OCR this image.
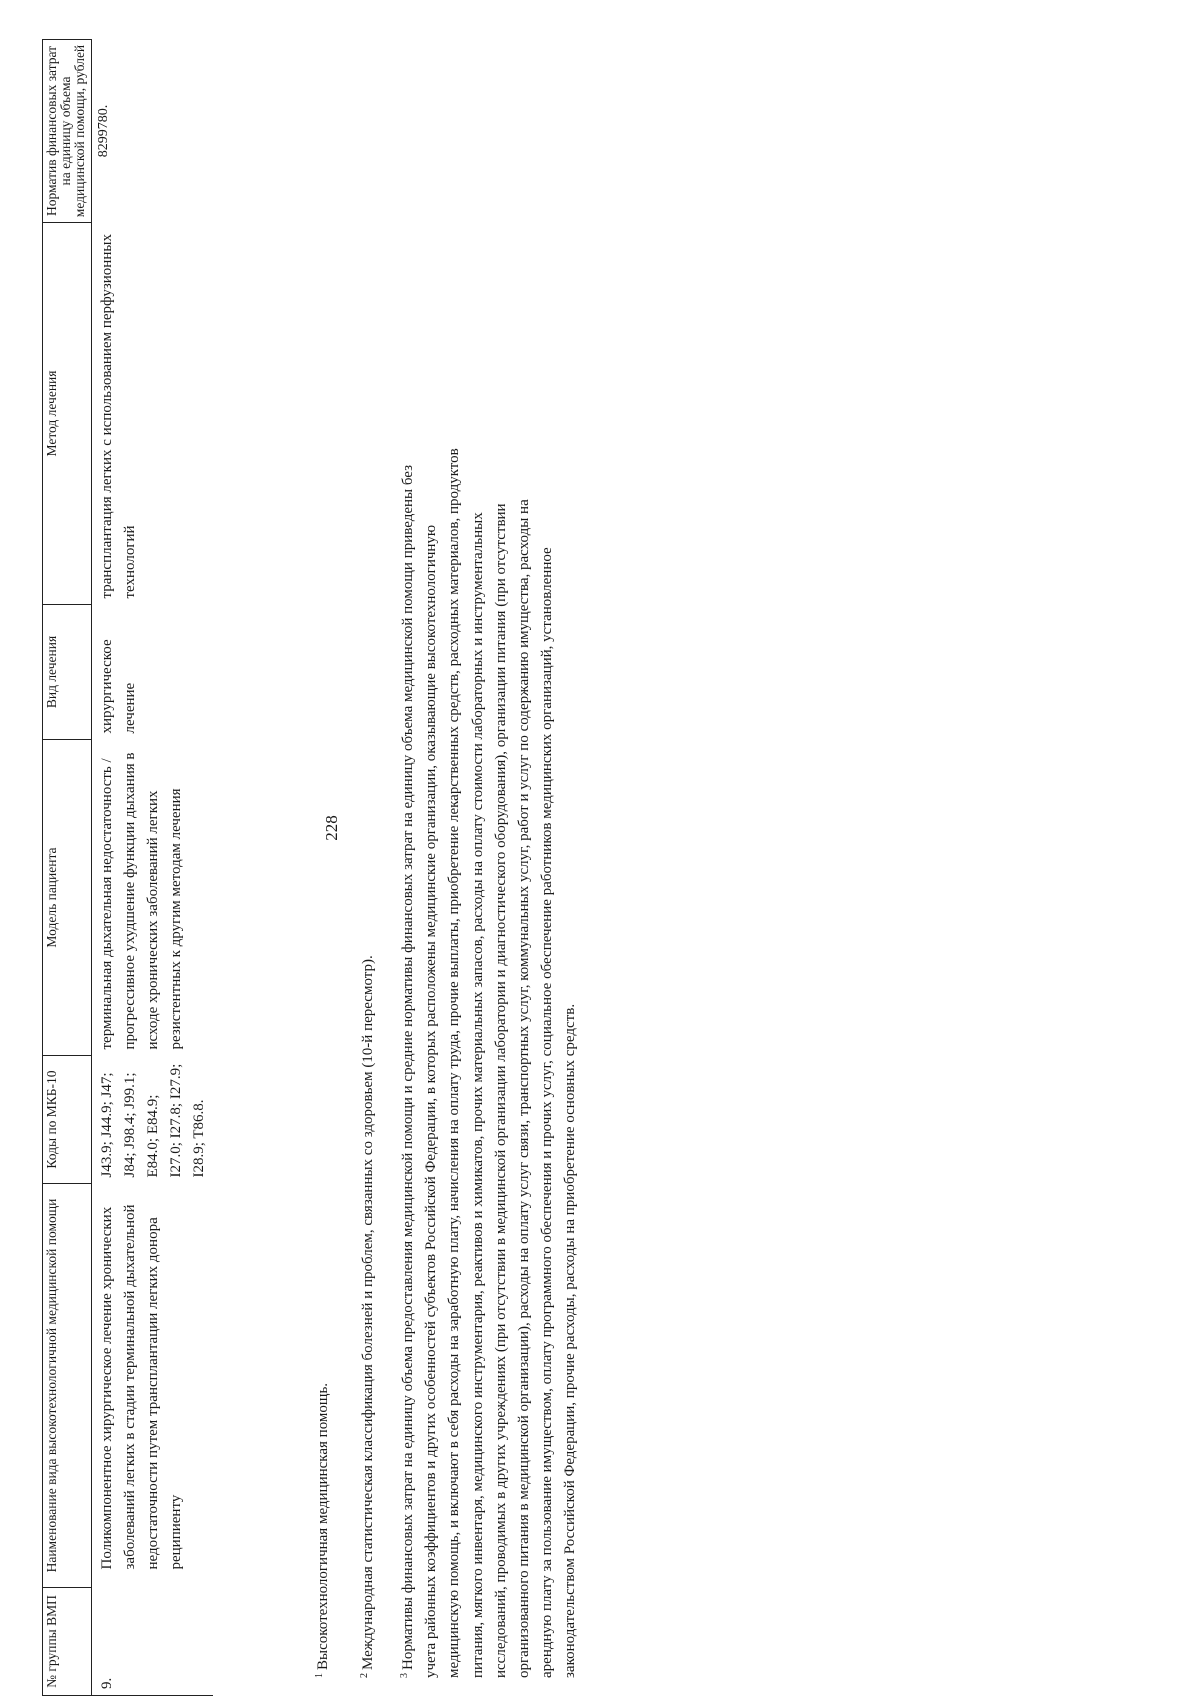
228
№ группы ВМП	Наименование вида высокотехнологичной медицинской помощи	Коды по МКБ-10	Модель пациента	Вид лечения	Метод лечения	Норматив финансовых затрат на единицу объема медицинской помощи, рублей
9.	Поликомпонентное хирургическое лечение хронических заболеваний легких в стадии терминальной дыхательной недостаточности путем трансплантации легких донора реципиенту	J43.9; J44.9; J47; J84; J98.4; J99.1; E84.0; E84.9; I27.0; I27.8; I27.9; I28.9; T86.8.	терминальная дыхательная недостаточность / прогрессивное ухудшение функции дыхания в исходе хронических заболеваний легких резистентных к другим методам лечения	хирургическое лечение	трансплантация легких с использованием перфузионных технологий	8299780.
$^1$Высокотехнологичная медицинская помощь.
$^2$Международная статистическая классификация болезней и проблем, связанных со здоровьем (10-й пересмотр).
$^3$Нормативы финансовых затрат на единицу объема предоставления медицинской помощи и средние нормативы финансовых затрат на единицу объема медицинской помощи приведены без учета районных коэффициентов и других особенностей субъектов Российской Федерации, в которых расположены медицинские организации, оказывающие высокотехнологичную медицинскую помощь, и включают в себя расходы на заработную плату, начисления на оплату труда, прочие выплаты, приобретение лекарственных средств, расходных материалов, продуктов питания, мягкого инвентаря, медицинского инструментария, реактивов и химикатов, прочих материальных запасов, расходы на оплату стоимости лабораторных и инструментальных исследований, проводимых в других учреждениях (при отсутствии в медицинской организации лаборатории и диагностического оборудования), организации питания (при отсутствии организованного питания в медицинской организации), расходы на оплату услуг связи, транспортных услуг, коммунальных услуг, работ и услуг по содержанию имущества, расходы на арендную плату за пользование имуществом, оплату программного обеспечения и прочих услуг, социальное обеспечение работников медицинских организаций, установленное законодательством Российской Федерации, прочие расходы, расходы на приобретение основных средств.
